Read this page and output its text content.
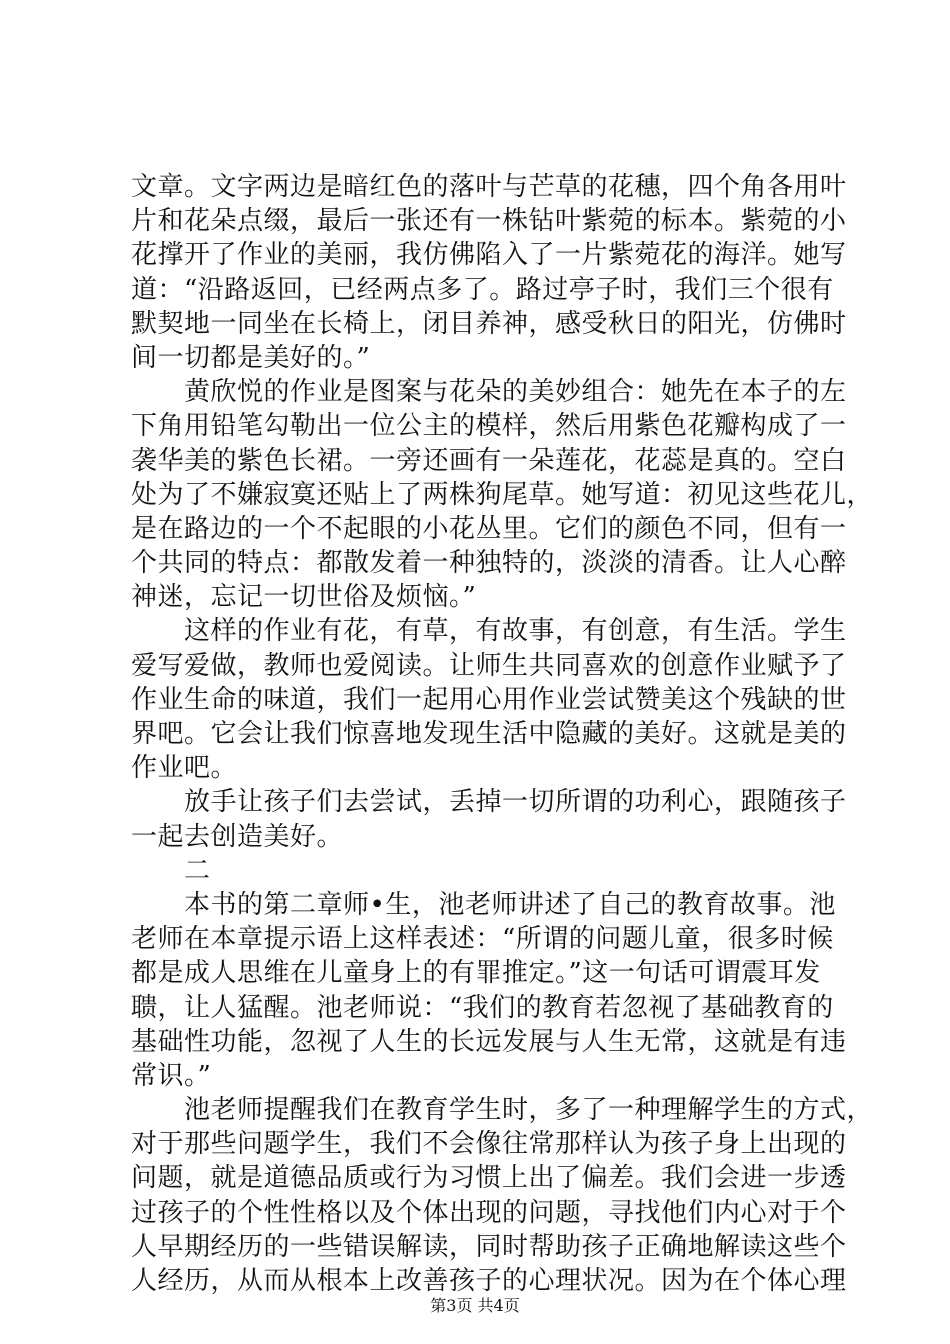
文章。文字两边是暗红色的落叶与芒草的花穗，四个角各用叶
片和花朵点缀，最后一张还有一株钻叶紫菀的标本。紫菀的小
花撑开了作业的美丽，我仿佛陷入了一片紫菀花的海洋。她写
道：“沿路返回，已经两点多了。路过亭子时，我们三个很有
默契地一同坐在长椅上，闭目养神，感受秋日的阳光，仿佛时
间一切都是美好的。”
　　黄欣悦的作业是图案与花朵的美妙组合：她先在本子的左
下角用铅笔勾勒出一位公主的模样，然后用紫色花瓣构成了一
袭华美的紫色长裙。一旁还画有一朵莲花，花蕊是真的。空白
处为了不嫌寂寞还贴上了两株狗尾草。她写道：初见这些花儿，
是在路边的一个不起眼的小花丛里。它们的颜色不同，但有一
个共同的特点：都散发着一种独特的，淡淡的清香。让人心醉
神迷，忘记一切世俗及烦恼。”
　　这样的作业有花，有草，有故事，有创意，有生活。学生
爱写爱做，教师也爱阅读。让师生共同喜欢的创意作业赋予了
作业生命的味道，我们一起用心用作业尝试赞美这个残缺的世
界吧。它会让我们惊喜地发现生活中隐藏的美好。这就是美的
作业吧。
　　放手让孩子们去尝试，丢掉一切所谓的功利心，跟随孩子
一起去创造美好。
　　二
　　本书的第二章师•生，池老师讲述了自己的教育故事。池
老师在本章提示语上这样表述：“所谓的问题儿童，很多时候
都是成人思维在儿童身上的有罪推定。”这一句话可谓震耳发
聩，让人猛醒。池老师说：“我们的教育若忽视了基础教育的
基础性功能，忽视了人生的长远发展与人生无常，这就是有违
常识。”
　　池老师提醒我们在教育学生时，多了一种理解学生的方式，
对于那些问题学生，我们不会像往常那样认为孩子身上出现的
问题，就是道德品质或行为习惯上出了偏差。我们会进一步透
过孩子的个性性格以及个体出现的问题，寻找他们内心对于个
人早期经历的一些错误解读，同时帮助孩子正确地解读这些个
人经历，从而从根本上改善孩子的心理状况。因为在个体心理
第3页 共4页
